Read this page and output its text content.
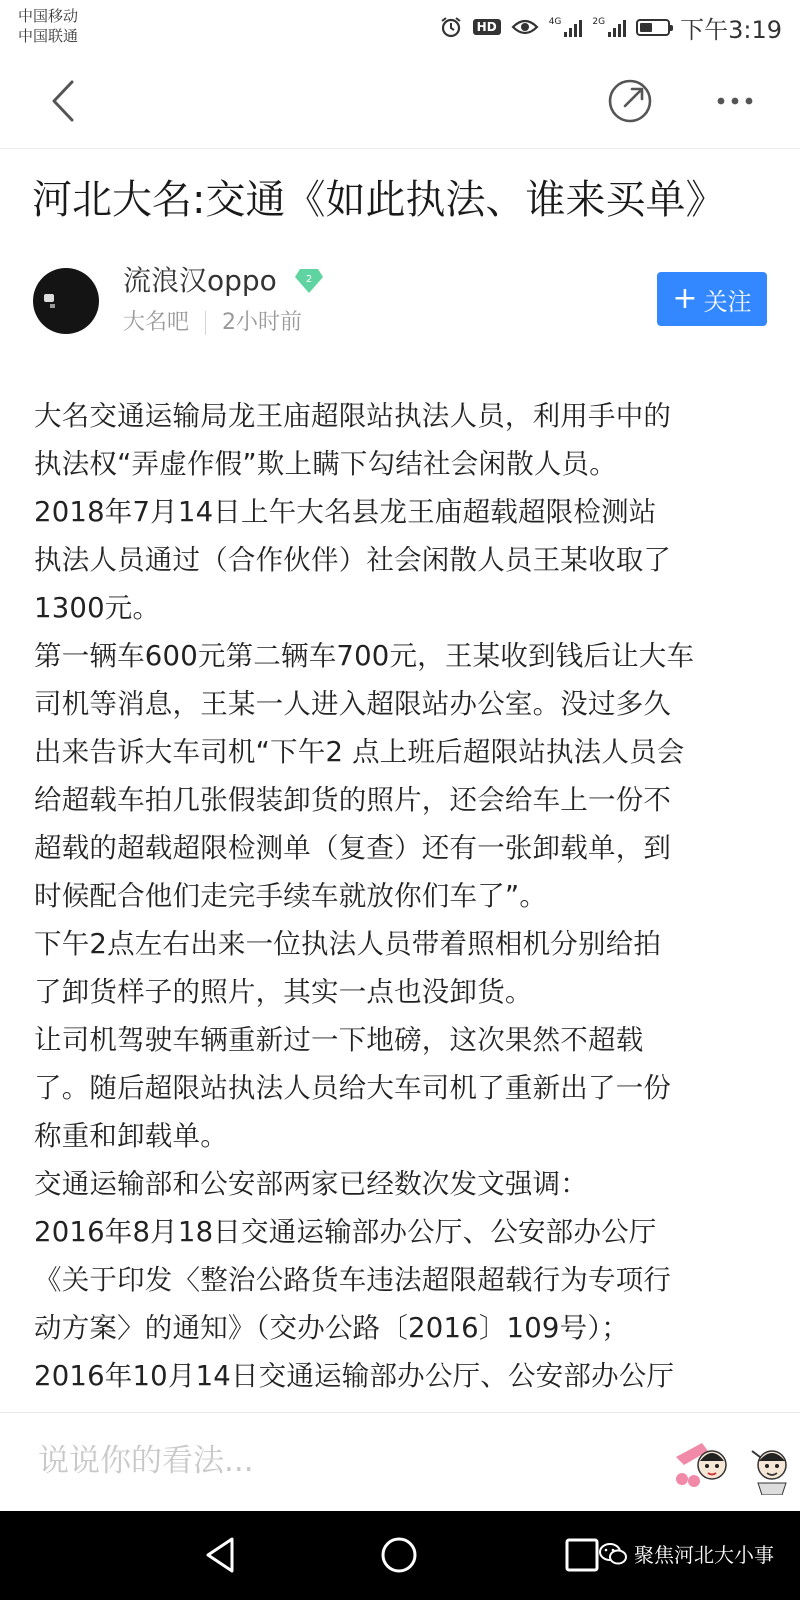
中国移动
中国联通	HD	4G	2G	下午3:19
河北大名:交通《如此执法、谁来买单》
流浪汉oppo	2
大名吧 2小时前
+ 关注

大名交通运输局龙王庙超限站执法人员，利用手中的

执法权“弄虚作假”欺上瞒下勾结社会闲散人员。

2018年7月14日上午大名县龙王庙超载超限检测站

执法人员通过（合作伙伴）社会闲散人员王某收取了

1300元。

第一辆车600元第二辆车700元，王某收到钱后让大车

司机等消息，王某一人进入超限站办公室。没过多久

出来告诉大车司机“下午2 点上班后超限站执法人员会

给超载车拍几张假装卸货的照片，还会给车上一份不

超载的超载超限检测单（复查）还有一张卸载单，到

时候配合他们走完手续车就放你们车了”。

下午2点左右出来一位执法人员带着照相机分别给拍

了卸货样子的照片，其实一点也没卸货。

让司机驾驶车辆重新过一下地磅，这次果然不超载

了。随后超限站执法人员给大车司机了重新出了一份

称重和卸载单。

交通运输部和公安部两家已经数次发文强调：

2016年8月18日交通运输部办公厅、公安部办公厅

《关于印发〈整治公路货车违法超限超载行为专项行

动方案〉的通知》（交办公路〔2016〕109号）；

2016年10月14日交通运输部办公厅、公安部办公厅

说说你的看法...
聚焦河北大小事
